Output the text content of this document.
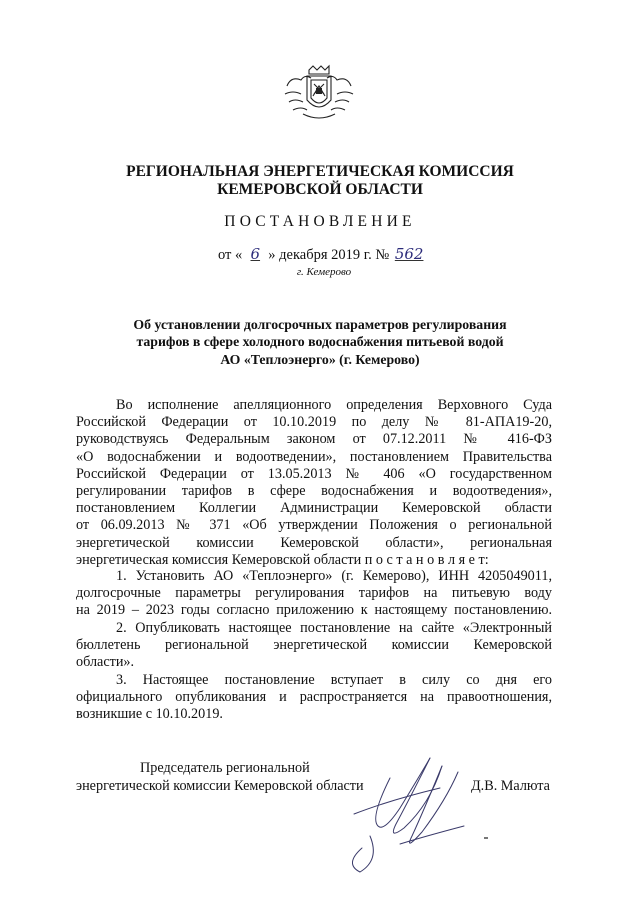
РЕГИОНАЛЬНАЯ ЭНЕРГЕТИЧЕСКАЯ КОМИССИЯ
КЕМЕРОВСКОЙ ОБЛАСТИ
ПОСТАНОВЛЕНИЕ
от « 6 » декабря 2019 г. № 562
г. Кемерово
Об установлении долгосрочных параметров регулирования
тарифов в сфере холодного водоснабжения питьевой водой
АО «Теплоэнерго» (г. Кемерово)
Во исполнение апелляционного определения Верховного Суда
Российской Федерации от 10.10.2019 по делу № 81-АПА19-20,
руководствуясь Федеральным законом от 07.12.2011 № 416-ФЗ
«О водоснабжении и водоотведении», постановлением Правительства
Российской Федерации от 13.05.2013 № 406 «О государственном
регулировании тарифов в сфере водоснабжения и водоотведения»,
постановлением Коллегии Администрации Кемеровской области
от 06.09.2013 № 371 «Об утверждении Положения о региональной
энергетической комиссии Кемеровской области», региональная
энергетическая комиссия Кемеровской области п о с т а н о в л я е т:
1. Установить АО «Теплоэнерго» (г. Кемерово), ИНН 4205049011,
долгосрочные параметры регулирования тарифов на питьевую воду
на 2019 – 2023 годы согласно приложению к настоящему постановлению.
2. Опубликовать настоящее постановление на сайте «Электронный
бюллетень региональной энергетической комиссии Кемеровской
области».
3. Настоящее постановление вступает в силу со дня его
официального опубликования и распространяется на правоотношения,
возникшие с 10.10.2019.
Председатель региональной
энергетической комиссии Кемеровской области	Д.В. Малюта
